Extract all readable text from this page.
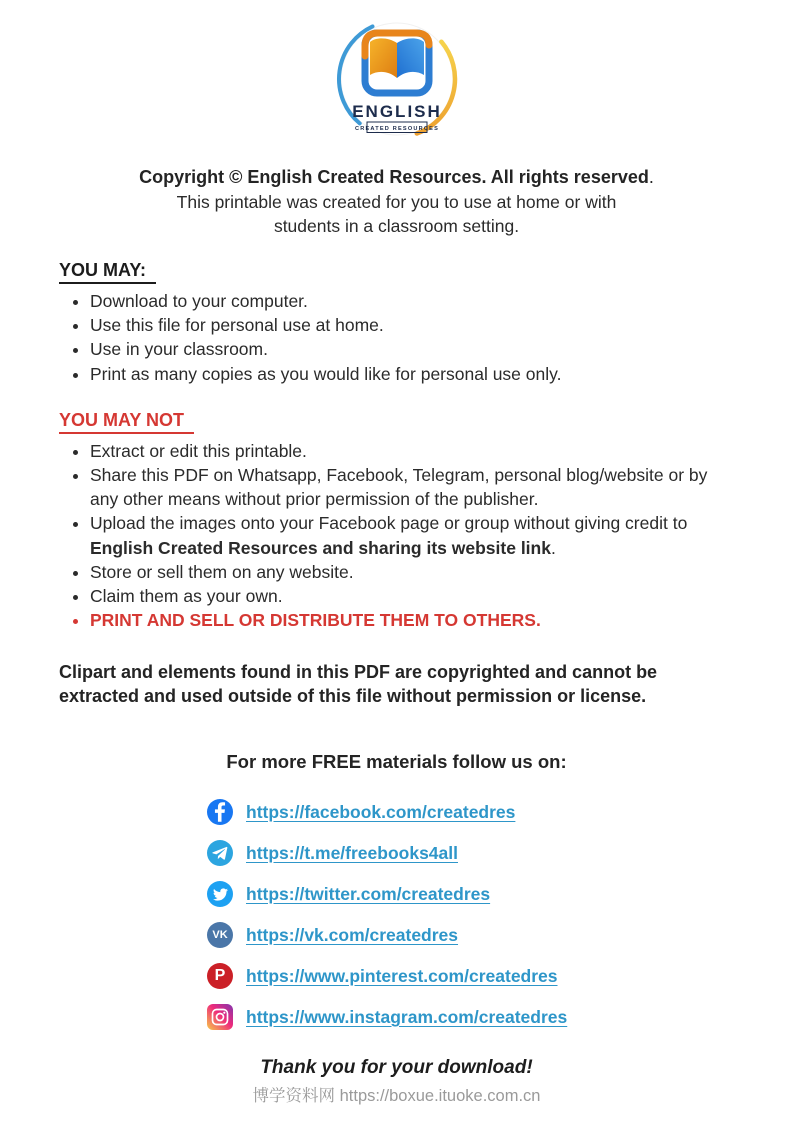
ENGLISH
CREATED RESOURCES
Copyright © English Created Resources. All rights reserved.
This printable was created for you to use at home or with
students in a classroom setting.
YOU MAY:
• Download to your computer.
• Use this file for personal use at home.
• Use in your classroom.
• Print as many copies as you would like for personal use only.
YOU MAY NOT
• Extract or edit this printable.
• Share this PDF on Whatsapp, Facebook, Telegram, personal blog/website or by any other means without prior permission of the publisher.
• Upload the images onto your Facebook page or group without giving credit to English Created Resources and sharing its website link.
• Store or sell them on any website.
• Claim them as your own.
• PRINT AND SELL OR DISTRIBUTE THEM TO OTHERS.
Clipart and elements found in this PDF are copyrighted and cannot be
extracted and used outside of this file without permission or license.
For more FREE materials follow us on:
https://facebook.com/createdres
https://t.me/freebooks4all
https://twitter.com/createdres
VK https://vk.com/createdres
P https://www.pinterest.com/createdres
https://www.instagram.com/createdres
Thank you for your download!
博学资料网 https://boxue.ituoke.com.cn
